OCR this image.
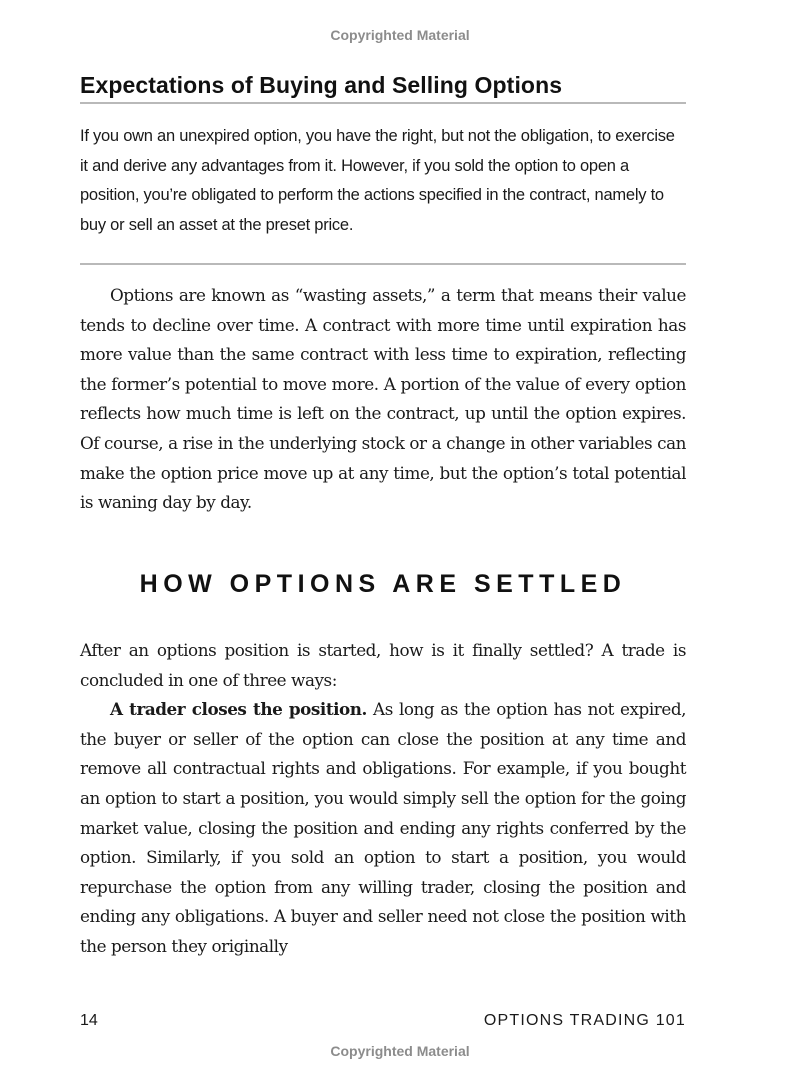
Copyrighted Material
Expectations of Buying and Selling Options
If you own an unexpired option, you have the right, but not the obligation, to exercise it and derive any advantages from it. However, if you sold the option to open a position, you’re obligated to perform the actions specified in the contract, namely to buy or sell an asset at the preset price.

Options are known as “wasting assets,” a term that means their value tends to decline over time. A contract with more time until expiration has more value than the same contract with less time to expiration, reflecting the former’s potential to move more. A portion of the value of every option reflects how much time is left on the contract, up until the option expires. Of course, a rise in the underlying stock or a change in other variables can make the option price move up at any time, but the option’s total potential is waning day by day.

HOW OPTIONS ARE SETTLED

After an options position is started, how is it finally settled? A trade is concluded in one of three ways:

A trader closes the position. As long as the option has not expired, the buyer or seller of the option can close the position at any time and remove all contractual rights and obligations. For example, if you bought an option to start a position, you would simply sell the option for the going market value, closing the position and ending any rights conferred by the option. Similarly, if you sold an option to start a position, you would repurchase the option from any willing trader, closing the position and ending any obligations. A buyer and seller need not close the position with the person they originally

14	OPTIONS TRADING 101
Copyrighted Material
